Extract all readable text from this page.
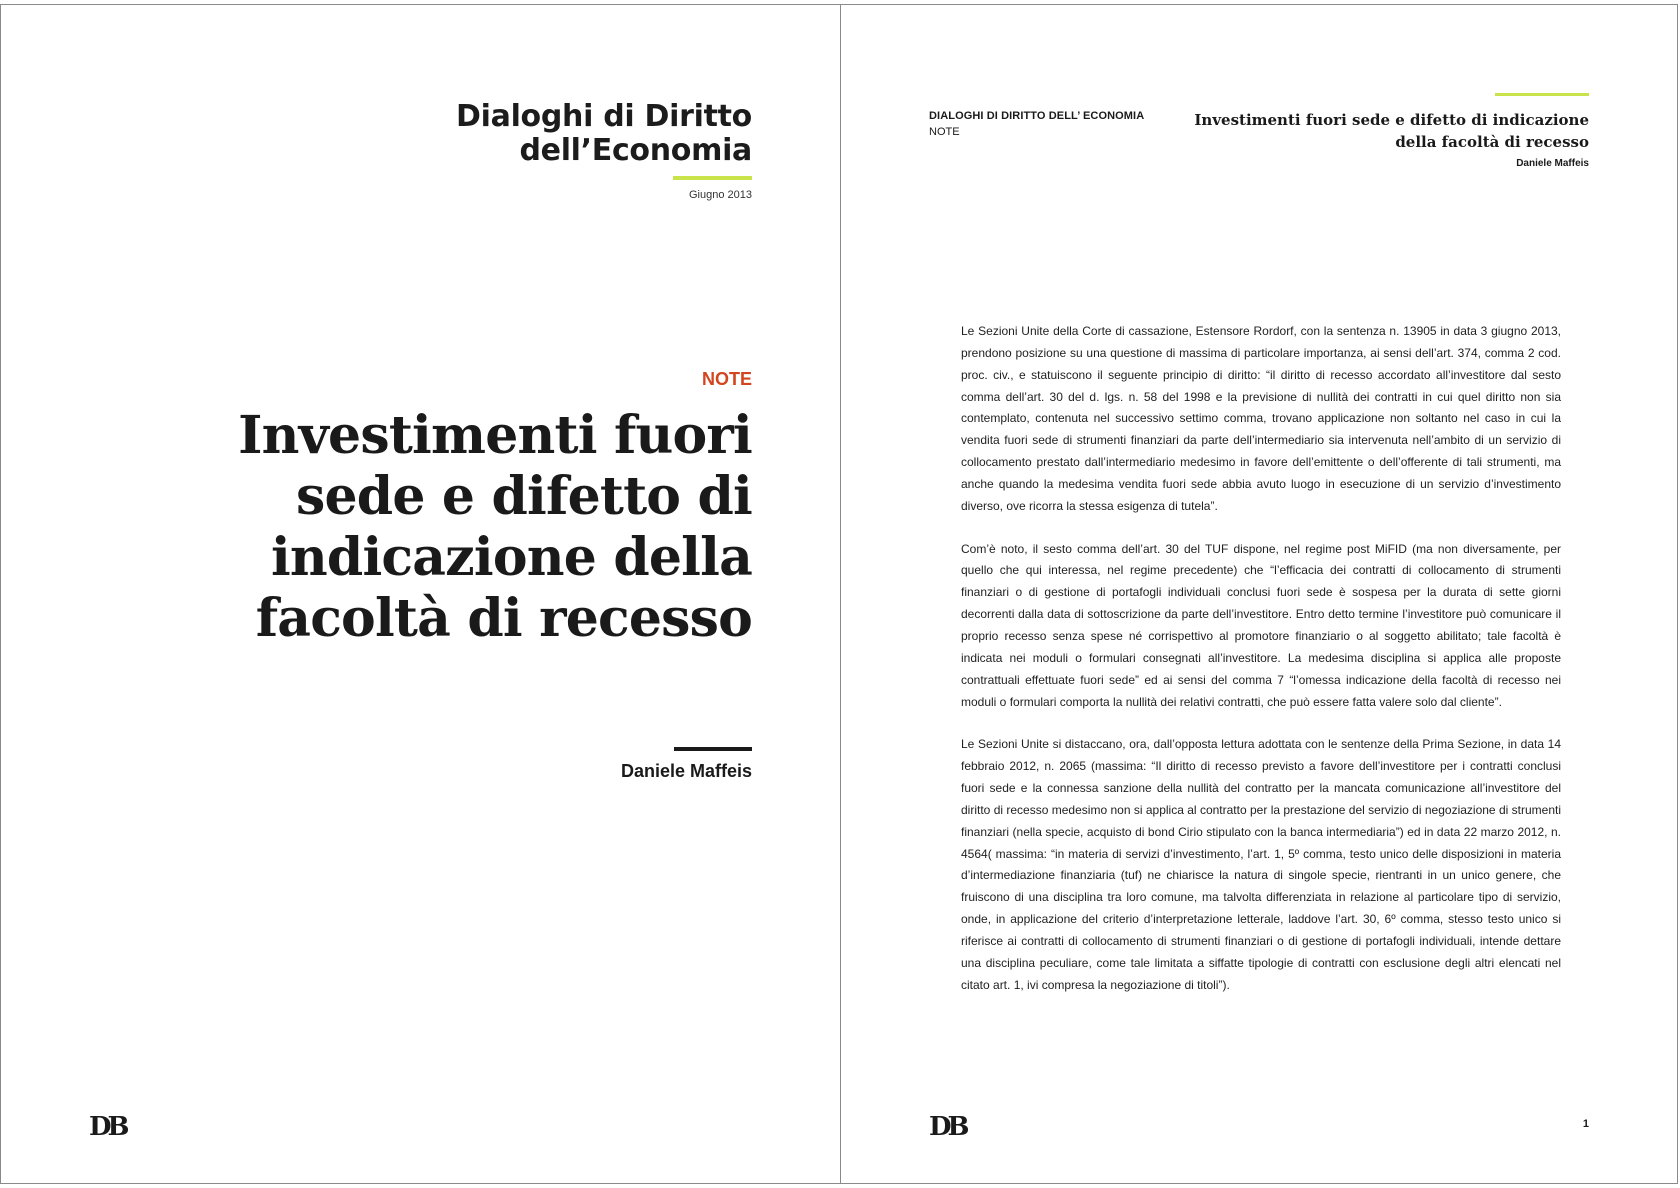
Dialoghi di Diritto dell’Economia
Giugno 2013
NOTE
Investimenti fuori sede e difetto di indicazione della facoltà di recesso
Daniele Maffeis
DB
DIALOGHI DI DIRITTO DELL’ ECONOMIA
NOTE
Investimenti fuori sede e difetto di indicazione della facoltà di recesso
Daniele Maffeis

Le Sezioni Unite della Corte di cassazione, Estensore Rordorf, con la sentenza n. 13905 in data 3 giugno 2013, prendono posizione su una questione di massima di particolare importanza, ai sensi dell’art. 374, comma 2 cod. proc. civ., e statuiscono il seguente principio di diritto: “il diritto di recesso accordato all’investitore dal sesto comma dell’art. 30 del d. lgs. n. 58 del 1998 e la previsione di nullità dei contratti in cui quel diritto non sia contemplato, contenuta nel successivo settimo comma, trovano applicazione non soltanto nel caso in cui la vendita fuori sede di strumenti finanziari da parte dell’intermediario sia intervenuta nell’ambito di un servizio di collocamento prestato dall’intermediario medesimo in favore dell’emittente o dell’offerente di tali strumenti, ma anche quando la medesima vendita fuori sede abbia avuto luogo in esecuzione di un servizio d’investimento diverso, ove ricorra la stessa esigenza di tutela”.

Com’è noto, il sesto comma dell’art. 30 del TUF dispone, nel regime post MiFID (ma non diversamente, per quello che qui interessa, nel regime precedente) che “l’efficacia dei contratti di collocamento di strumenti finanziari o di gestione di portafogli individuali conclusi fuori sede è sospesa per la durata di sette giorni decorrenti dalla data di sottoscrizione da parte dell’investitore. Entro detto termine l’investitore può comunicare il proprio recesso senza spese né corrispettivo al promotore finanziario o al soggetto abilitato; tale facoltà è indicata nei moduli o formulari consegnati all’investitore. La medesima disciplina si applica alle proposte contrattuali effettuate fuori sede” ed ai sensi del comma 7 “l’omessa indicazione della facoltà di recesso nei moduli o formulari comporta la nullità dei relativi contratti, che può essere fatta valere solo dal cliente”.

Le Sezioni Unite si distaccano, ora, dall’opposta lettura adottata con le sentenze della Prima Sezione, in data 14 febbraio 2012, n. 2065 (massima: “Il diritto di recesso previsto a favore dell’investitore per i contratti conclusi fuori sede e la connessa sanzione della nullità del contratto per la mancata comunicazione all’investitore del diritto di recesso medesimo non si applica al contratto per la prestazione del servizio di negoziazione di strumenti finanziari (nella specie, acquisto di bond Cirio stipulato con la banca intermediaria”) ed in data 22 marzo 2012, n. 4564( massima: “in materia di servizi d’investimento, l’art. 1, 5º comma, testo unico delle disposizioni in materia d’intermediazione finanziaria (tuf) ne chiarisce la natura di singole specie, rientranti in un unico genere, che fruiscono di una disciplina tra loro comune, ma talvolta differenziata in relazione al particolare tipo di servizio, onde, in applicazione del criterio d’interpretazione letterale, laddove l’art. 30, 6º comma, stesso testo unico si riferisce ai contratti di collocamento di strumenti finanziari o di gestione di portafogli individuali, intende dettare una disciplina peculiare, come tale limitata a siffatte tipologie di contratti con esclusione degli altri elencati nel citato art. 1, ivi compresa la negoziazione di titoli”).

DB	1
